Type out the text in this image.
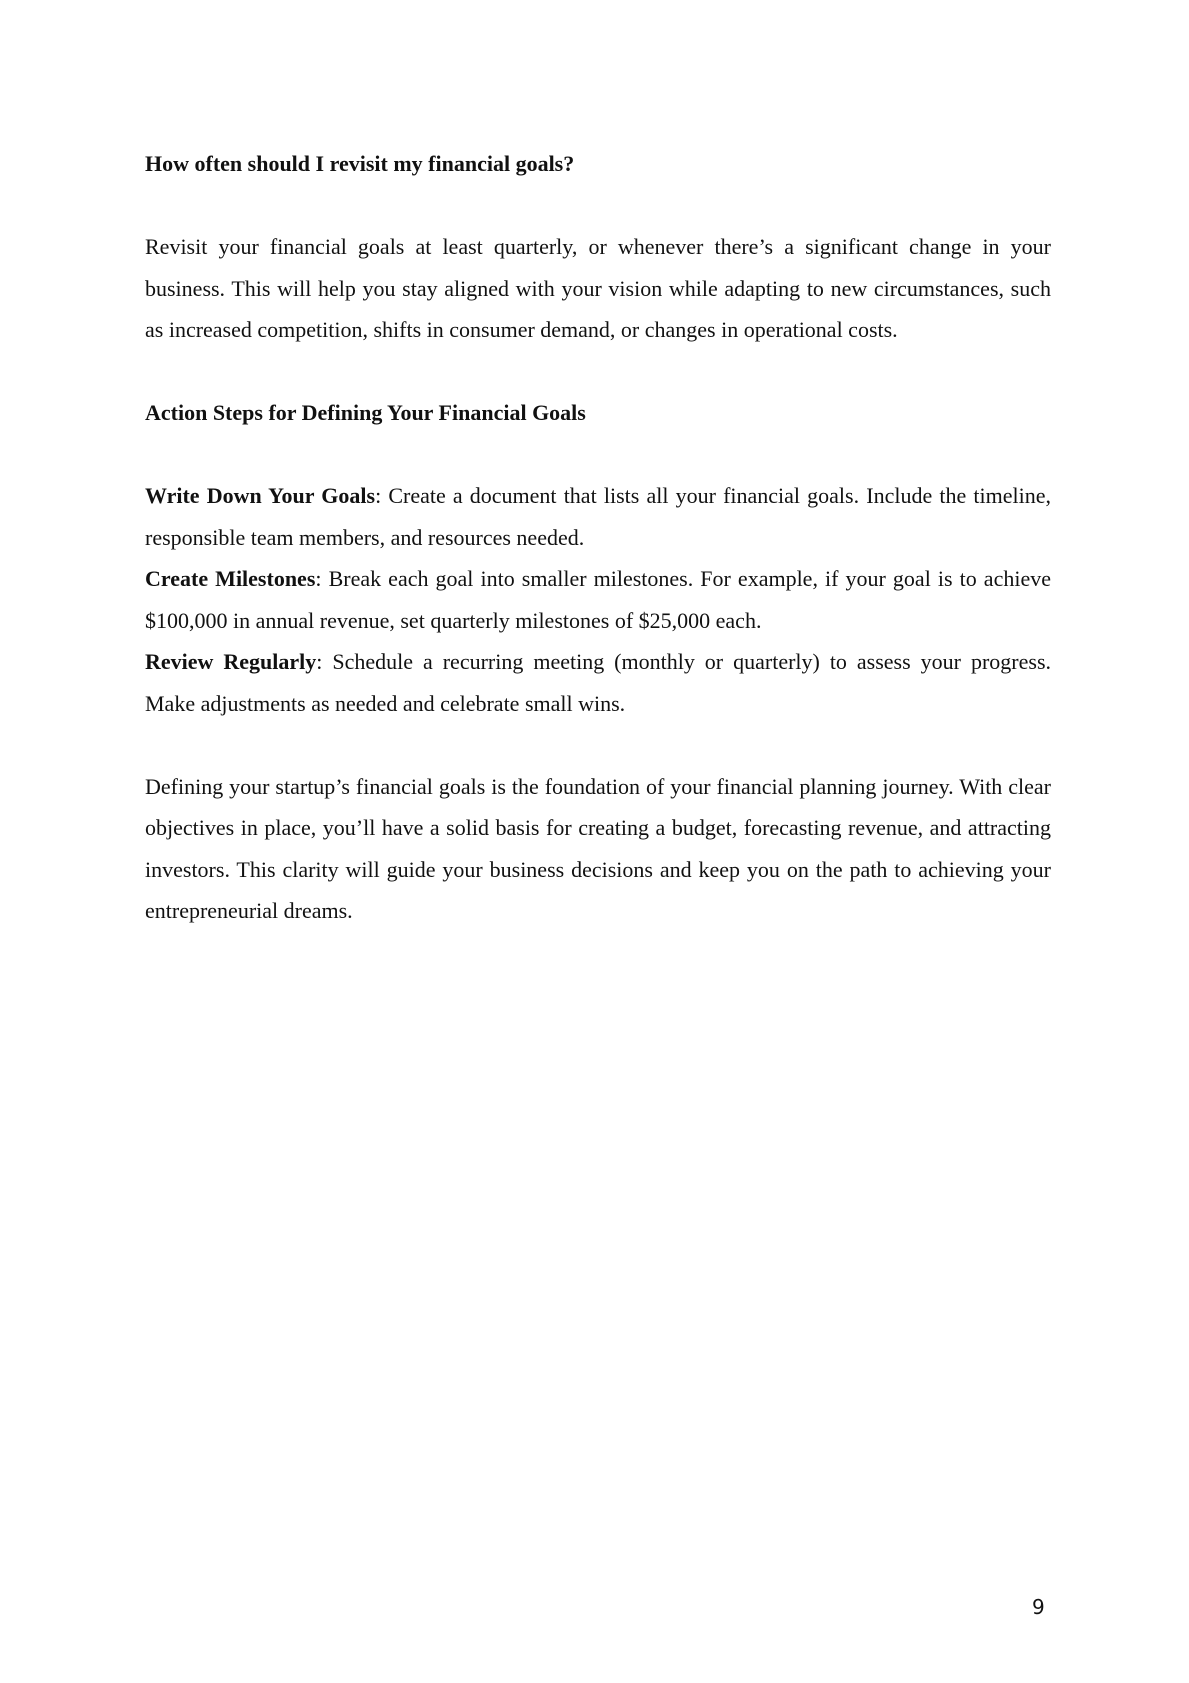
How often should I revisit my financial goals?

Revisit your financial goals at least quarterly, or whenever there’s a significant change in your business. This will help you stay aligned with your vision while adapting to new circumstances, such as increased competition, shifts in consumer demand, or changes in operational costs.

Action Steps for Defining Your Financial Goals

Write Down Your Goals: Create a document that lists all your financial goals. Include the timeline, responsible team members, and resources needed.

Create Milestones: Break each goal into smaller milestones. For example, if your goal is to achieve $100,000 in annual revenue, set quarterly milestones of $25,000 each.

Review Regularly: Schedule a recurring meeting (monthly or quarterly) to assess your progress. Make adjustments as needed and celebrate small wins.

Defining your startup’s financial goals is the foundation of your financial planning journey. With clear objectives in place, you’ll have a solid basis for creating a budget, forecasting revenue, and attracting investors. This clarity will guide your business decisions and keep you on the path to achieving your entrepreneurial dreams.

9
